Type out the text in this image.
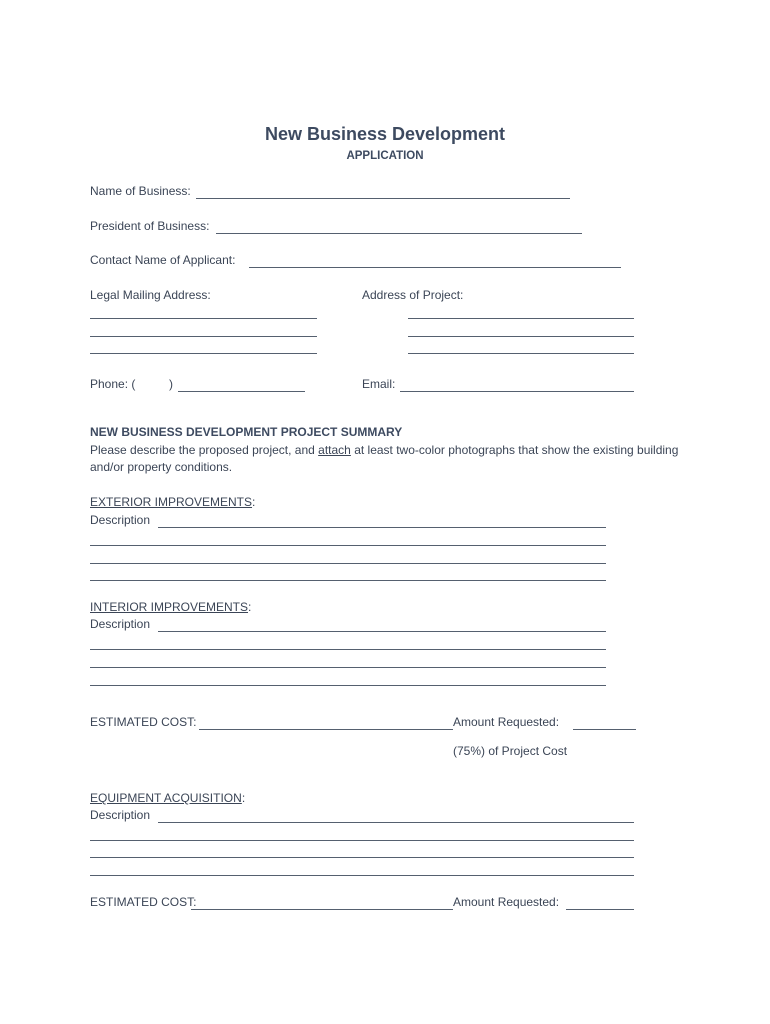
New Business Development
APPLICATION
Name of Business:
President of Business:
Contact Name of Applicant:
Legal Mailing Address:	Address of Project:
Phone: (	)	Email:
NEW BUSINESS DEVELOPMENT PROJECT SUMMARY
Please describe the proposed project, and attach at least two-color photographs that show the existing building and/or property conditions.
EXTERIOR IMPROVEMENTS:
Description
INTERIOR IMPROVEMENTS:
Description
ESTIMATED COST:	Amount Requested:
(75%) of Project Cost
EQUIPMENT ACQUISITION:
Description
ESTIMATED COST:	Amount Requested:
